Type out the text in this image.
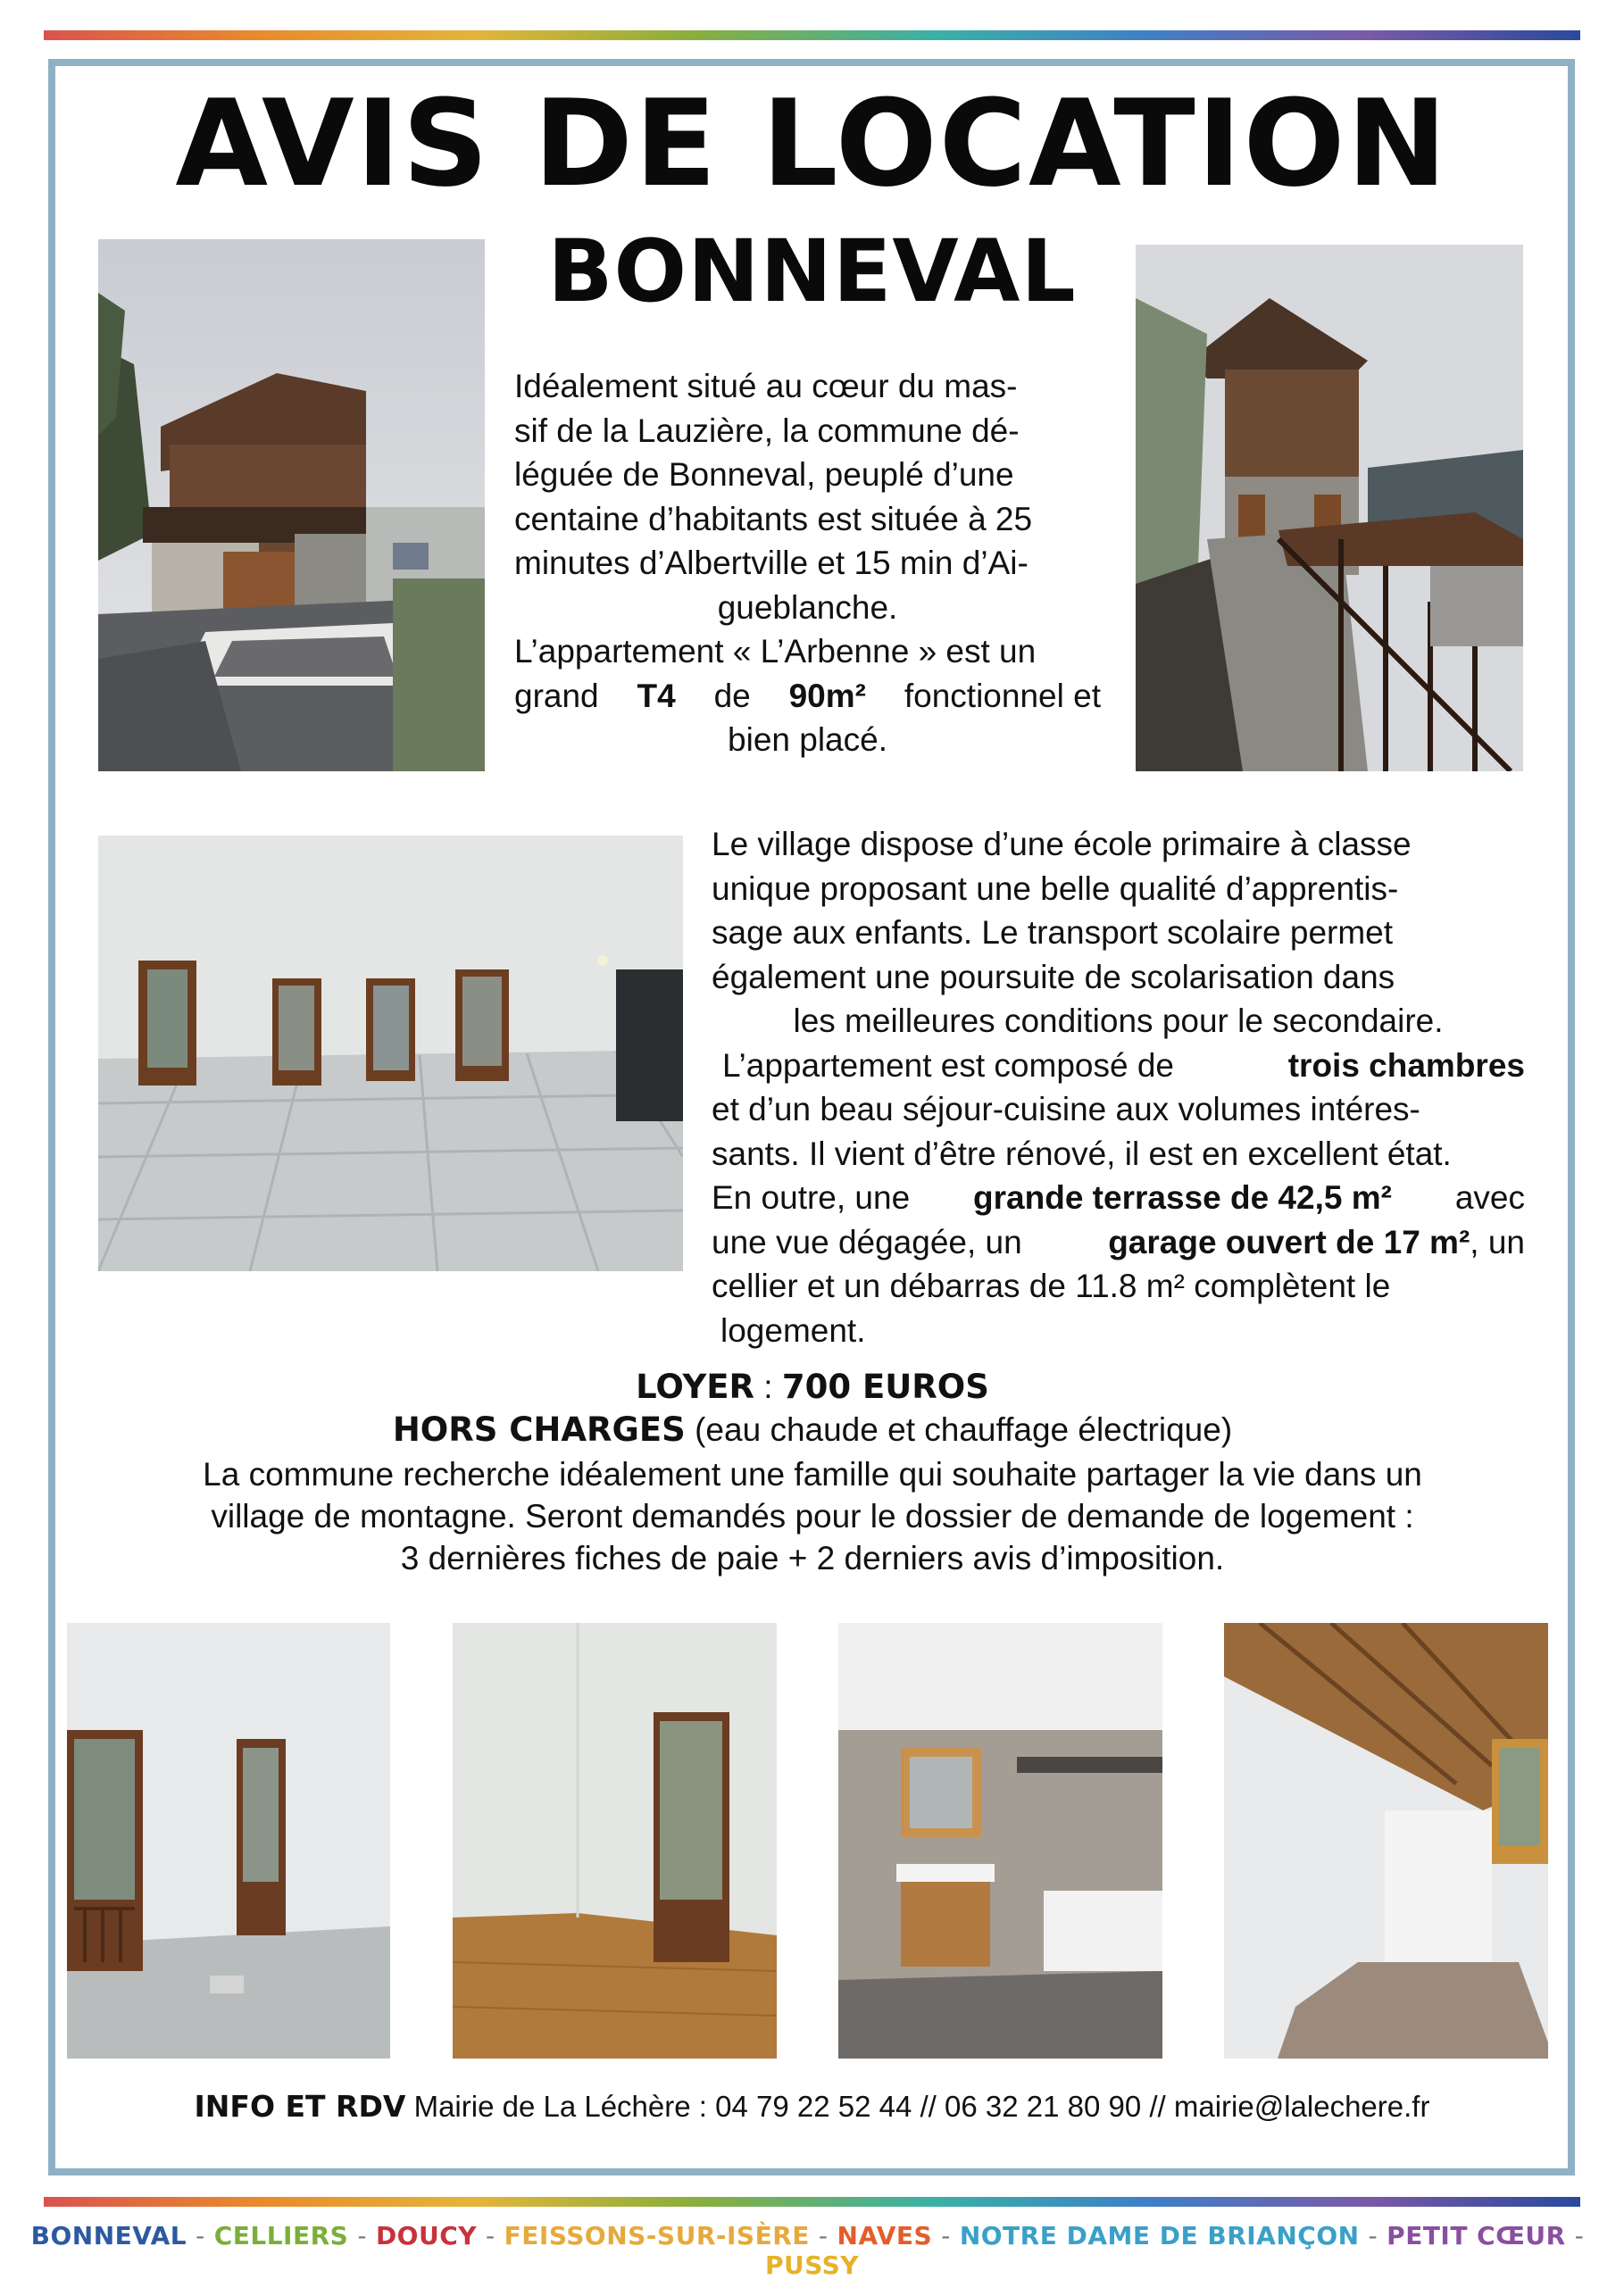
AVIS DE LOCATION
BONNEVAL
Idéalement situé au cœur du mas-
sif de la Lauzière, la commune dé-
léguée de Bonneval, peuplé d’une
centaine d’habitants est située à 25
minutes d’Albertville et 15 min d’Ai-
gueblanche.
L’appartement « L’Arbenne » est un
grand T4 de 90m² fonctionnel et
bien placé.
Le village dispose d’une école primaire à classe
unique proposant une belle qualité d’apprentis-
sage aux enfants. Le transport scolaire permet
également une poursuite de scolarisation dans
les meilleures conditions pour le secondaire.
L’appartement est composé de	trois chambres
et d’un beau séjour-cuisine aux volumes intéres-
sants. Il vient d’être rénové, il est en excellent état.
En outre, une grande terrasse de 42,5 m² avec
une vue dégagée, un	garage ouvert de 17 m², un
cellier et un débarras de 11.8 m² complètent le
logement.
LOYER : 700 EUROS
HORS CHARGES (eau chaude et chauffage électrique)
La commune recherche idéalement une famille qui souhaite partager la vie dans un
village de montagne. Seront demandés pour le dossier de demande de logement :
3 dernières fiches de paie + 2 derniers avis d’imposition.
INFO ET RDV Mairie de La Léchère : 04 79 22 52 44 // 06 32 21 80 90 // mairie@lalechere.fr
BONNEVAL - CELLIERS - DOUCY - FEISSONS-SUR-ISÈRE - NAVES - NOTRE DAME DE BRIANÇON - PETIT CŒUR -PUSSY
